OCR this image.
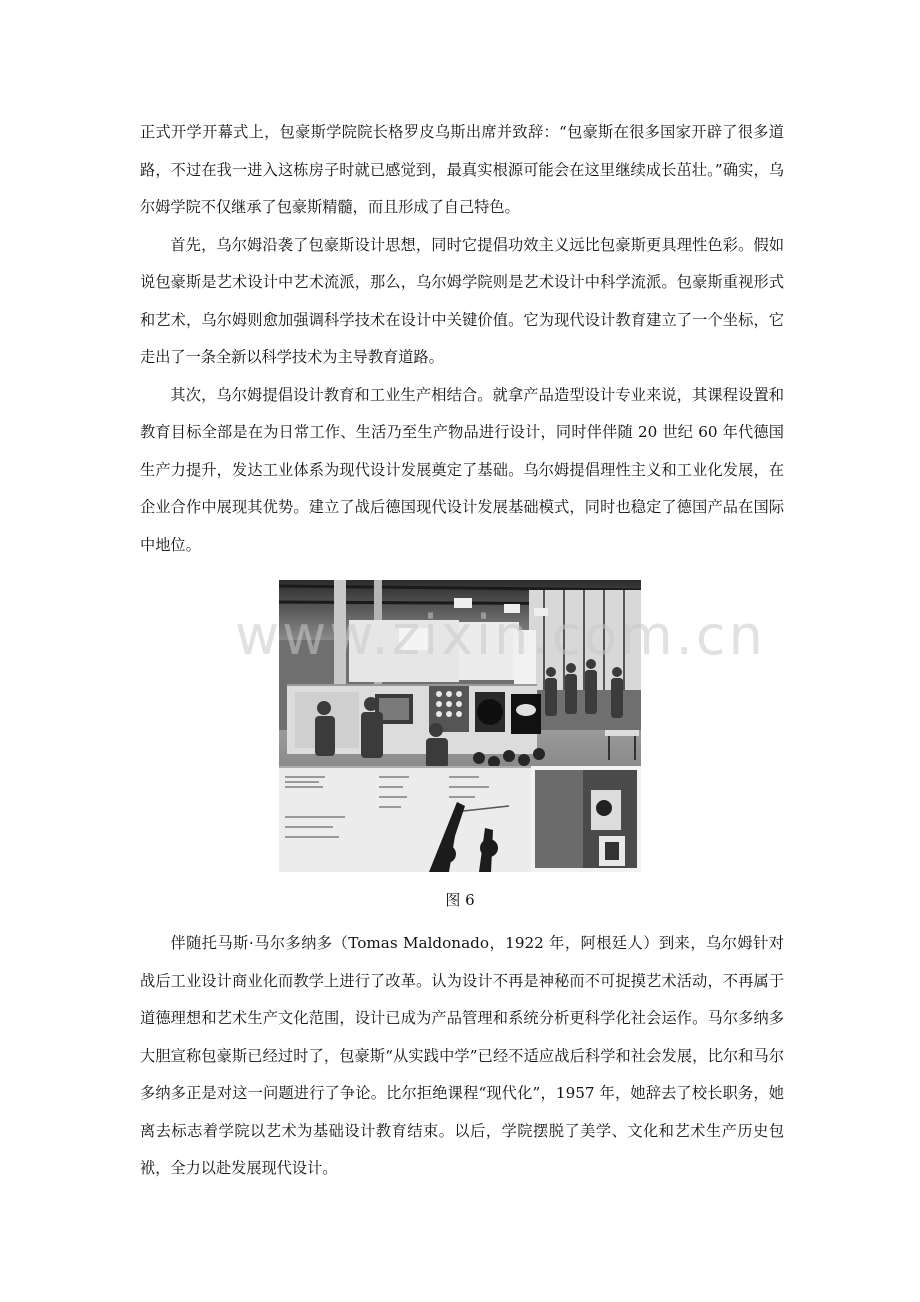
正式开学开幕式上，包豪斯学院院长格罗皮乌斯出席并致辞：“包豪斯在很多国家开辟了很多道路，不过在我一进入这栋房子时就已感觉到，最真实根源可能会在这里继续成长茁壮。”确实，乌尔姆学院不仅继承了包豪斯精髓，而且形成了自己特色。

首先，乌尔姆沿袭了包豪斯设计思想，同时它提倡功效主义远比包豪斯更具理性色彩。假如说包豪斯是艺术设计中艺术流派，那么，乌尔姆学院则是艺术设计中科学流派。包豪斯重视形式和艺术，乌尔姆则愈加强调科学技术在设计中关键价值。它为现代设计教育建立了一个坐标，它走出了一条全新以科学技术为主导教育道路。

其次，乌尔姆提倡设计教育和工业生产相结合。就拿产品造型设计专业来说，其课程设置和教育目标全部是在为日常工作、生活乃至生产物品进行设计，同时伴伴随 20 世纪 60 年代德国生产力提升，发达工业体系为现代设计发展奠定了基础。乌尔姆提倡理性主义和工业化发展，在企业合作中展现其优势。建立了战后德国现代设计发展基础模式，同时也稳定了德国产品在国际中地位。

www.zixin.com.cn
图 6

伴随托马斯·马尔多纳多（Tomas Maldonado，1922 年，阿根廷人）到来，乌尔姆针对战后工业设计商业化而教学上进行了改革。认为设计不再是神秘而不可捉摸艺术活动，不再属于道德理想和艺术生产文化范围，设计已成为产品管理和系统分析更科学化社会运作。马尔多纳多大胆宣称包豪斯已经过时了，包豪斯“从实践中学”已经不适应战后科学和社会发展，比尔和马尔多纳多正是对这一问题进行了争论。比尔拒绝课程“现代化”，1957 年，她辞去了校长职务，她离去标志着学院以艺术为基础设计教育结束。以后，学院摆脱了美学、文化和艺术生产历史包袱，全力以赴发展现代设计。
